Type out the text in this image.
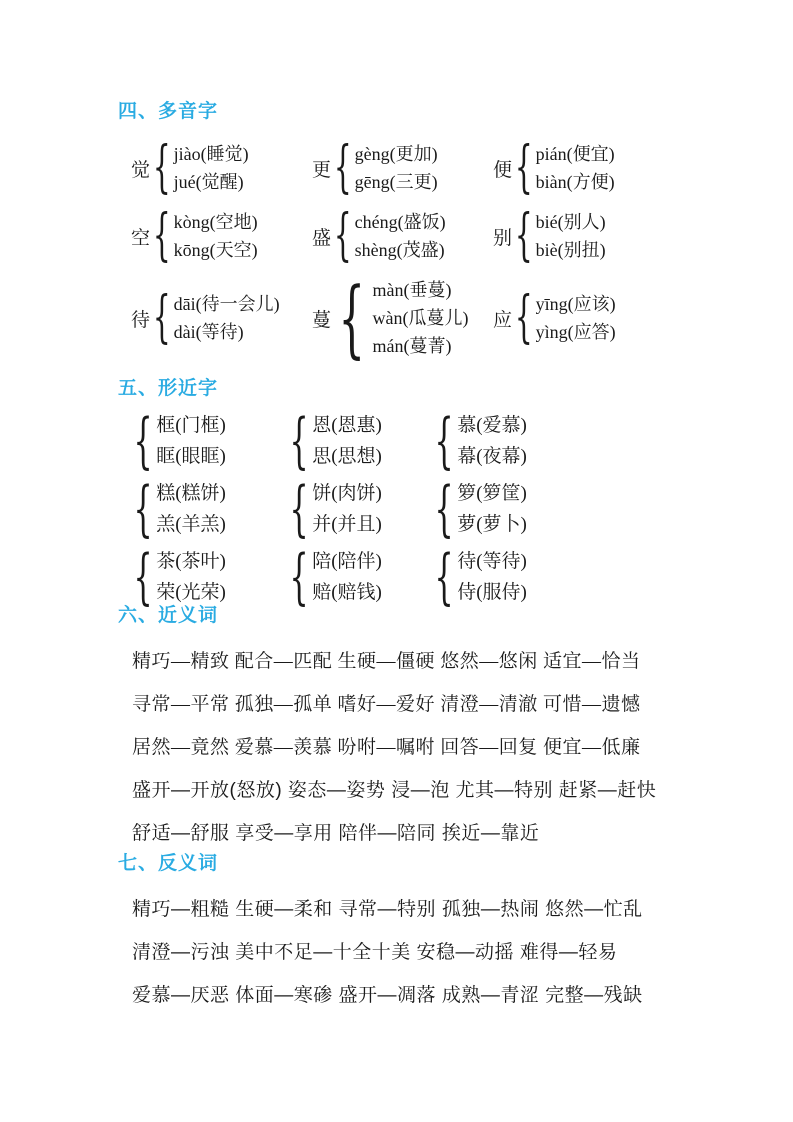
四、多音字
觉 { jiào(睡觉)
jué(觉醒)
更 { gèng(更加)
gēng(三更)
便 { pián(便宜)
biàn(方便)
空 { kòng(空地)
kōng(天空)
盛 { chéng(盛饭)
shèng(茂盛)
别 { bié(别人)
biè(别扭)
待 { dāi(待一会儿)
dài(等待)
蔓 { màn(垂蔓)
wàn(瓜蔓儿)
mán(蔓菁)
应 { yīng(应该)
yìng(应答)
五、形近字
{ 框(门框)
眶(眼眶) { 恩(恩惠)
思(思想) { 慕(爱慕)
幕(夜幕)
{ 糕(糕饼)
羔(羊羔) { 饼(肉饼)
并(并且) { 箩(箩筐)
萝(萝卜)
{ 茶(茶叶)
荣(光荣) { 陪(陪伴)
赔(赔钱) { 待(等待)
侍(服侍)
六、近义词
精巧—精致 配合—匹配 生硬—僵硬 悠然—悠闲 适宜—恰当
寻常—平常 孤独—孤单 嗜好—爱好 清澄—清澈 可惜—遗憾
居然—竟然 爱慕—羡慕 吩咐—嘱咐 回答—回复 便宜—低廉
盛开—开放(怒放) 姿态—姿势 浸—泡 尤其—特别 赶紧—赶快
舒适—舒服 享受—享用 陪伴—陪同 挨近—靠近
七、反义词
精巧—粗糙 生硬—柔和 寻常—特别 孤独—热闹 悠然—忙乱
清澄—污浊 美中不足—十全十美 安稳—动摇 难得—轻易
爱慕—厌恶 体面—寒碜 盛开—凋落 成熟—青涩 完整—残缺
